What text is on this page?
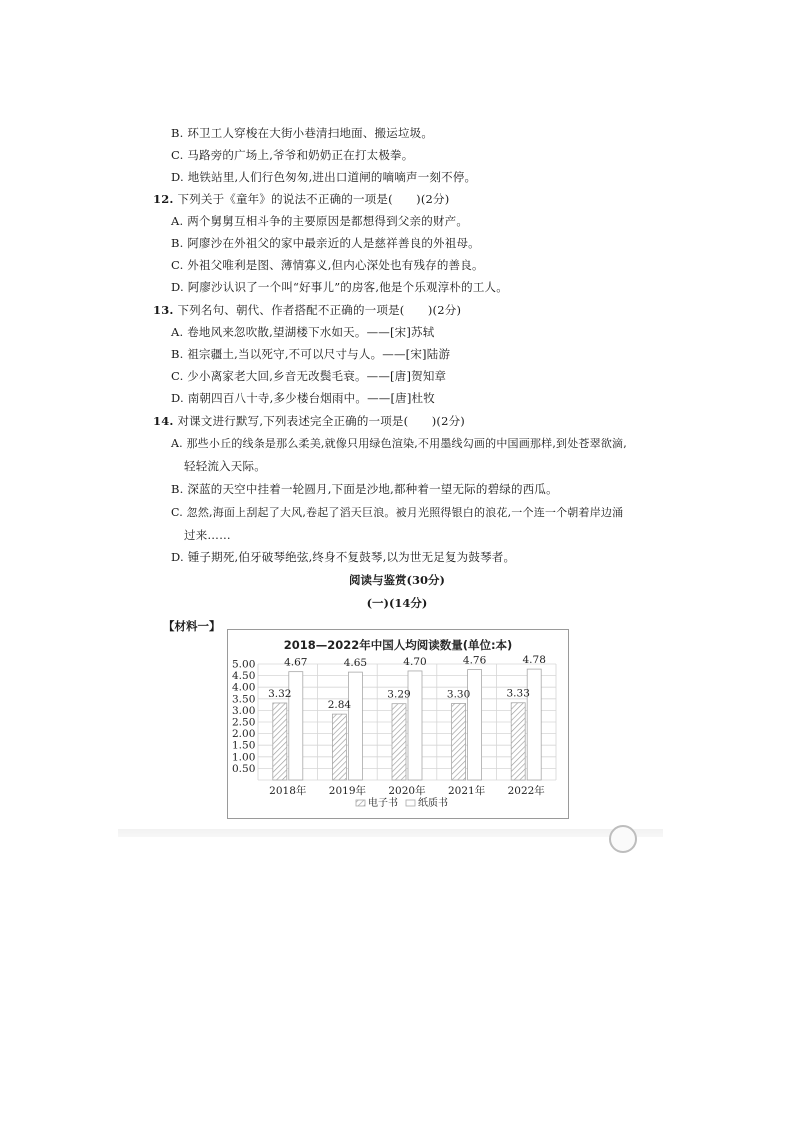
B. 环卫工人穿梭在大街小巷清扫地面、搬运垃圾。
C. 马路旁的广场上,爷爷和奶奶正在打太极拳。
D. 地铁站里,人们行色匆匆,进出口道闸的嘀嘀声一刻不停。
12. 下列关于《童年》的说法不正确的一项是(　　)(2分)
A. 两个舅舅互相斗争的主要原因是都想得到父亲的财产。
B. 阿廖沙在外祖父的家中最亲近的人是慈祥善良的外祖母。
C. 外祖父唯利是图、薄情寡义,但内心深处也有残存的善良。
D. 阿廖沙认识了一个叫“好事儿”的房客,他是个乐观淳朴的工人。
13. 下列名句、朝代、作者搭配不正确的一项是(　　)(2分)
A. 卷地风来忽吹散,望湖楼下水如天。——[宋]苏轼
B. 祖宗疆土,当以死守,不可以尺寸与人。——[宋]陆游
C. 少小离家老大回,乡音无改鬓毛衰。——[唐]贺知章
D. 南朝四百八十寺,多少楼台烟雨中。——[唐]杜牧
14. 对课文进行默写,下列表述完全正确的一项是(　　)(2分)
A. 那些小丘的线条是那么柔美,就像只用绿色渲染,不用墨线勾画的中国画那样,到处苍翠欲滴,
轻轻流入天际。
B. 深蓝的天空中挂着一轮圆月,下面是沙地,都种着一望无际的碧绿的西瓜。
C. 忽然,海面上刮起了大风,卷起了滔天巨浪。被月光照得银白的浪花,一个连一个朝着岸边涌
过来……
D. 锺子期死,伯牙破琴绝弦,终身不复鼓琴,以为世无足复为鼓琴者。
阅读与鉴赏(30分)
(一)(14分)
【材料一】
2018—2022年中国人均阅读数量(单位:本)
5.00
4.50
4.00
3.50
3.00
2.50
2.00
1.50
1.00
0.50
3.32
4.67
2.84
4.65
3.29
4.70
3.30
4.76
3.33
4.78
2018年 2019年 2020年 2021年 2022年
电子书 纸质书
